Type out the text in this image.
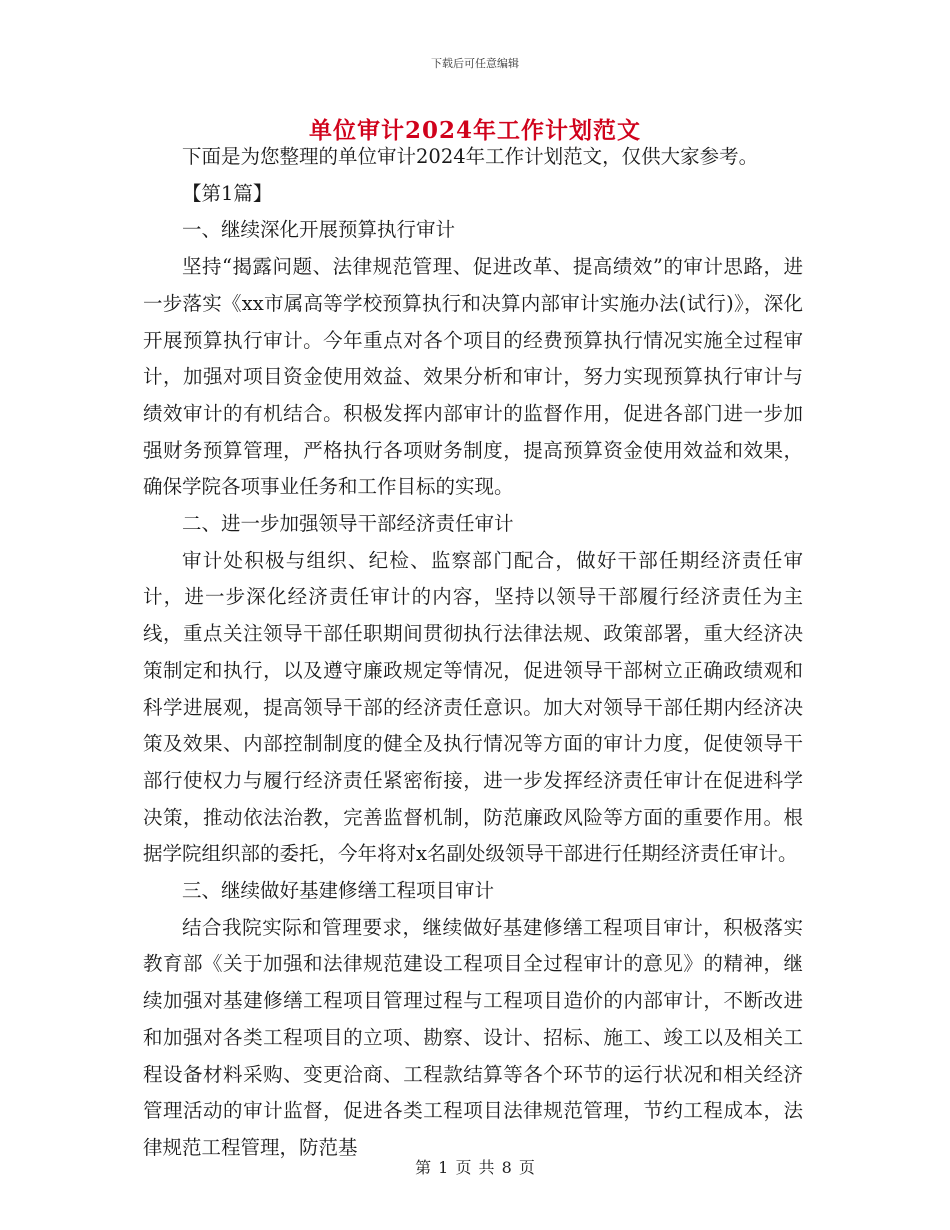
下载后可任意编辑
单位审计2024年工作计划范文

下面是为您整理的单位审计2024年工作计划范文，仅供大家参考。

【第1篇】

一、继续深化开展预算执行审计

坚持“揭露问题、法律规范管理、促进改革、提高绩效”的审计思路，进一步落实《xx市属高等学校预算执行和决算内部审计实施办法(试行)》，深化开展预算执行审计。今年重点对各个项目的经费预算执行情况实施全过程审计，加强对项目资金使用效益、效果分析和审计，努力实现预算执行审计与绩效审计的有机结合。积极发挥内部审计的监督作用，促进各部门进一步加强财务预算管理，严格执行各项财务制度，提高预算资金使用效益和效果，确保学院各项事业任务和工作目标的实现。

二、进一步加强领导干部经济责任审计

审计处积极与组织、纪检、监察部门配合，做好干部任期经济责任审计，进一步深化经济责任审计的内容，坚持以领导干部履行经济责任为主线，重点关注领导干部任职期间贯彻执行法律法规、政策部署，重大经济决策制定和执行，以及遵守廉政规定等情况，促进领导干部树立正确政绩观和科学进展观，提高领导干部的经济责任意识。加大对领导干部任期内经济决策及效果、内部控制制度的健全及执行情况等方面的审计力度，促使领导干部行使权力与履行经济责任紧密衔接，进一步发挥经济责任审计在促进科学决策，推动依法治教，完善监督机制，防范廉政风险等方面的重要作用。根据学院组织部的委托，今年将对x名副处级领导干部进行任期经济责任审计。

三、继续做好基建修缮工程项目审计

结合我院实际和管理要求，继续做好基建修缮工程项目审计，积极落实教育部《关于加强和法律规范建设工程项目全过程审计的意见》的精神，继续加强对基建修缮工程项目管理过程与工程项目造价的内部审计，不断改进和加强对各类工程项目的立项、勘察、设计、招标、施工、竣工以及相关工程设备材料采购、变更洽商、工程款结算等各个环节的运行状况和相关经济管理活动的审计监督，促进各类工程项目法律规范管理，节约工程成本，法律规范工程管理，防范基

第 1 页 共 8 页
